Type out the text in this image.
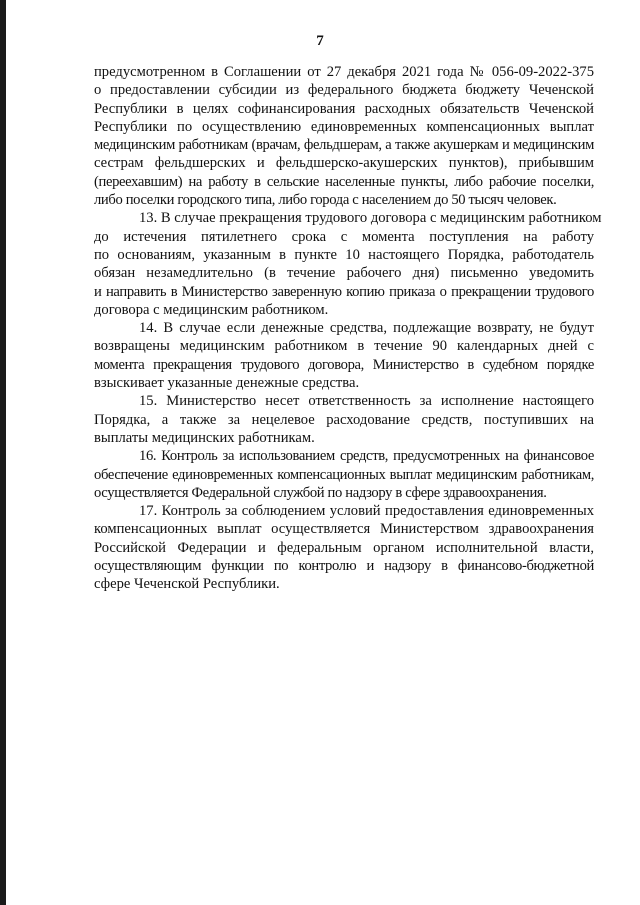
7

предусмотренном в Соглашении от 27 декабря 2021 года № 056-09-2022-375
о предоставлении субсидии из федерального бюджета бюджету Чеченской
Республики в целях софинансирования расходных обязательств Чеченской
Республики по осуществлению единовременных компенсационных выплат
медицинским работникам (врачам, фельдшерам, а также акушеркам и медицинским
сестрам фельдшерских и фельдшерско-акушерских пунктов), прибывшим
(переехавшим) на работу в сельские населенные пункты, либо рабочие поселки,
либо поселки городского типа, либо города с населением до 50 тысяч человек.

13. В случае прекращения трудового договора с медицинским работником
до истечения пятилетнего срока с момента поступления на работу
по основаниям, указанным в пункте 10 настоящего Порядка, работодатель
обязан незамедлительно (в течение рабочего дня) письменно уведомить
и направить в Министерство заверенную копию приказа о прекращении трудового
договора с медицинским работником.

14. В случае если денежные средства, подлежащие возврату, не будут
возвращены медицинским работником в течение 90 календарных дней с
момента прекращения трудового договора, Министерство в судебном порядке
взыскивает указанные денежные средства.

15. Министерство несет ответственность за исполнение настоящего
Порядка, а также за нецелевое расходование средств, поступивших на
выплаты медицинских работникам.

16. Контроль за использованием средств, предусмотренных на финансовое
обеспечение единовременных компенсационных выплат медицинским работникам,
осуществляется Федеральной службой по надзору в сфере здравоохранения.

17. Контроль за соблюдением условий предоставления единовременных
компенсационных выплат осуществляется Министерством здравоохранения
Российской Федерации и федеральным органом исполнительной власти,
осуществляющим функции по контролю и надзору в финансово-бюджетной
сфере Чеченской Республики.
